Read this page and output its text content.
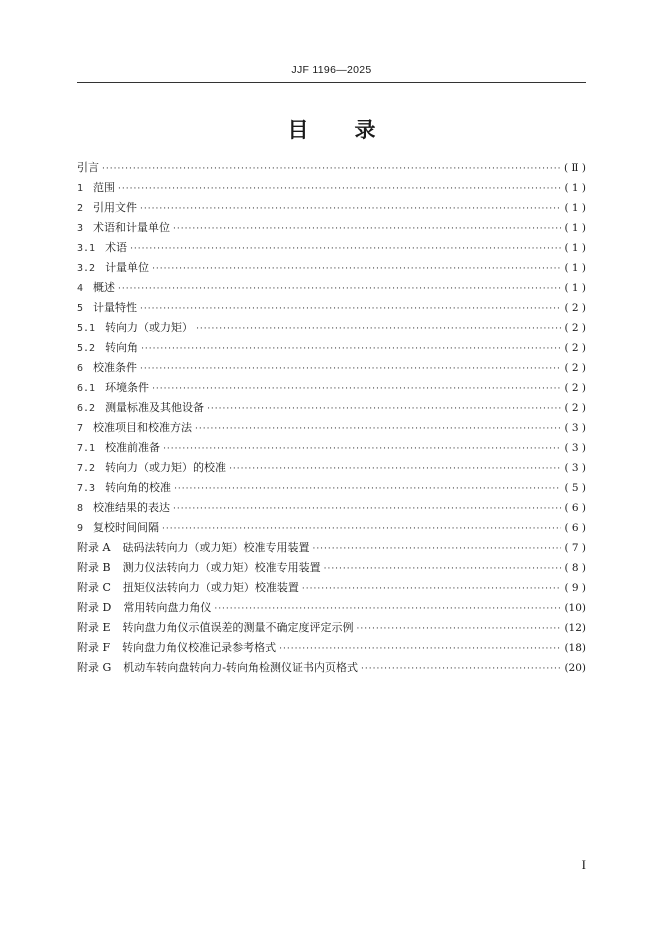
JJF 1196—2025
目 录
引言 ·····	( Ⅱ )
1 范围 ·····	( 1 )
2 引用文件 ·····	( 1 )
3 术语和计量单位 ·····	( 1 )
3.1 术语 ·····	( 1 )
3.2 计量单位 ·····	( 1 )
4 概述 ·····	( 1 )
5 计量特性 ·····	( 2 )
5.1 转向力（或力矩） ·····	( 2 )
5.2 转向角 ·····	( 2 )
6 校准条件 ·····	( 2 )
6.1 环境条件 ·····	( 2 )
6.2 测量标准及其他设备 ·····	( 2 )
7 校准项目和校准方法 ·····	( 3 )
7.1 校准前准备 ·····	( 3 )
7.2 转向力（或力矩）的校准 ·····	( 3 )
7.3 转向角的校准 ·····	( 5 )
8 校准结果的表达 ·····	( 6 )
9 复校时间间隔 ·····	( 6 )
附录 A 砝码法转向力（或力矩）校准专用装置 ·····	( 7 )
附录 B 测力仪法转向力（或力矩）校准专用装置 ·····	( 8 )
附录 C 扭矩仪法转向力（或力矩）校准装置 ·····	( 9 )
附录 D 常用转向盘力角仪 ·····	(10)
附录 E 转向盘力角仪示值误差的测量不确定度评定示例 ·····	(12)
附录 F 转向盘力角仪校准记录参考格式 ·····	(18)
附录 G 机动车转向盘转向力-转向角检测仪证书内页格式 ·····	(20)
I
